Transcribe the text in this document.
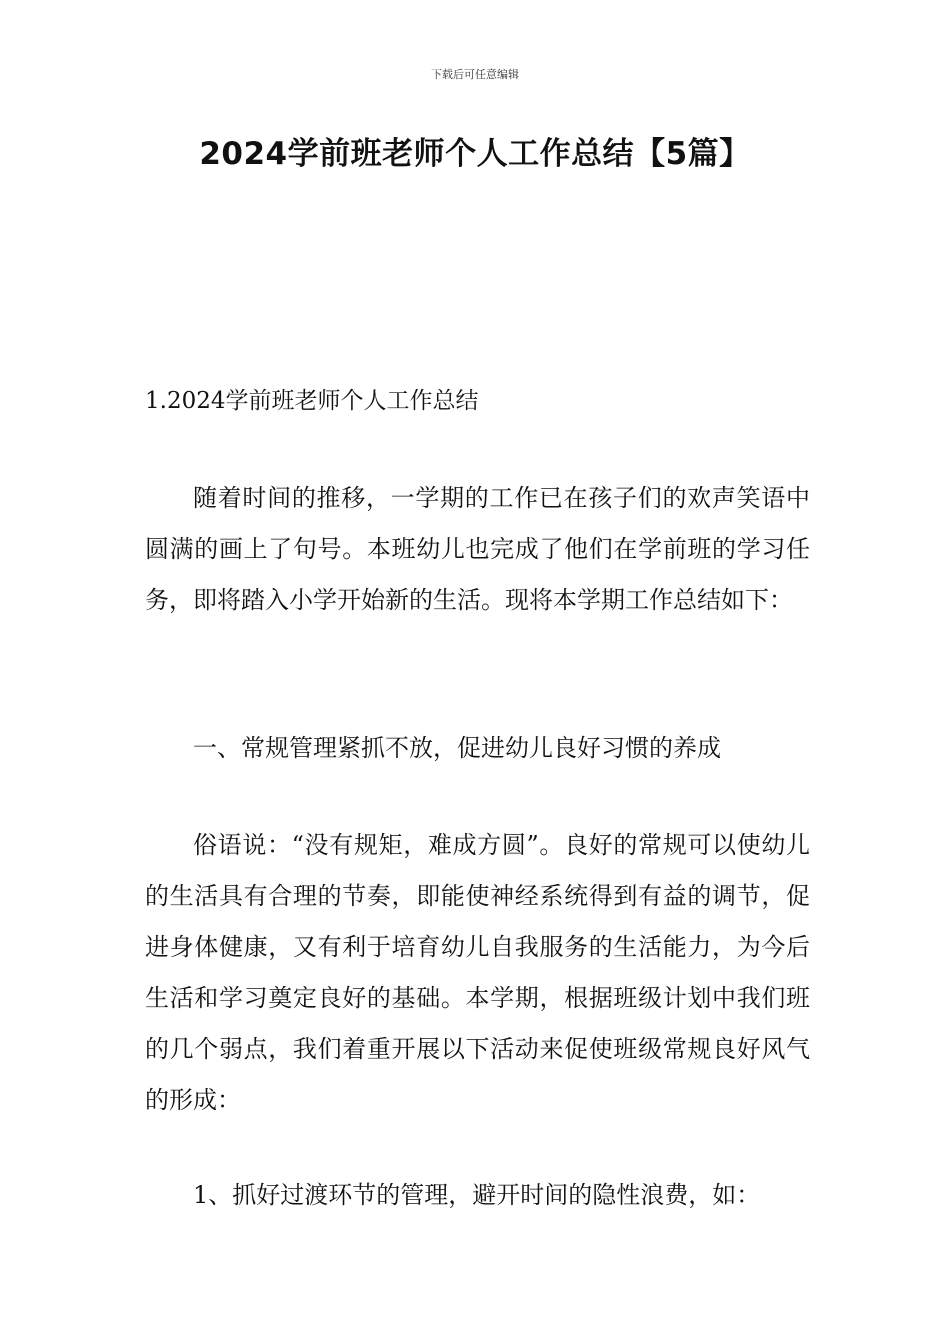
下载后可任意编辑
2024学前班老师个人工作总结【5篇】
1.2024学前班老师个人工作总结

随着时间的推移，一学期的工作已在孩子们的欢声笑语中圆满的画上了句号。本班幼儿也完成了他们在学前班的学习任务，即将踏入小学开始新的生活。现将本学期工作总结如下：

一、常规管理紧抓不放，促进幼儿良好习惯的养成

俗语说：“没有规矩，难成方圆”。良好的常规可以使幼儿的生活具有合理的节奏，即能使神经系统得到有益的调节，促进身体健康，又有利于培育幼儿自我服务的生活能力，为今后生活和学习奠定良好的基础。本学期，根据班级计划中我们班的几个弱点，我们着重开展以下活动来促使班级常规良好风气的形成：

1、抓好过渡环节的管理，避开时间的隐性浪费，如：
